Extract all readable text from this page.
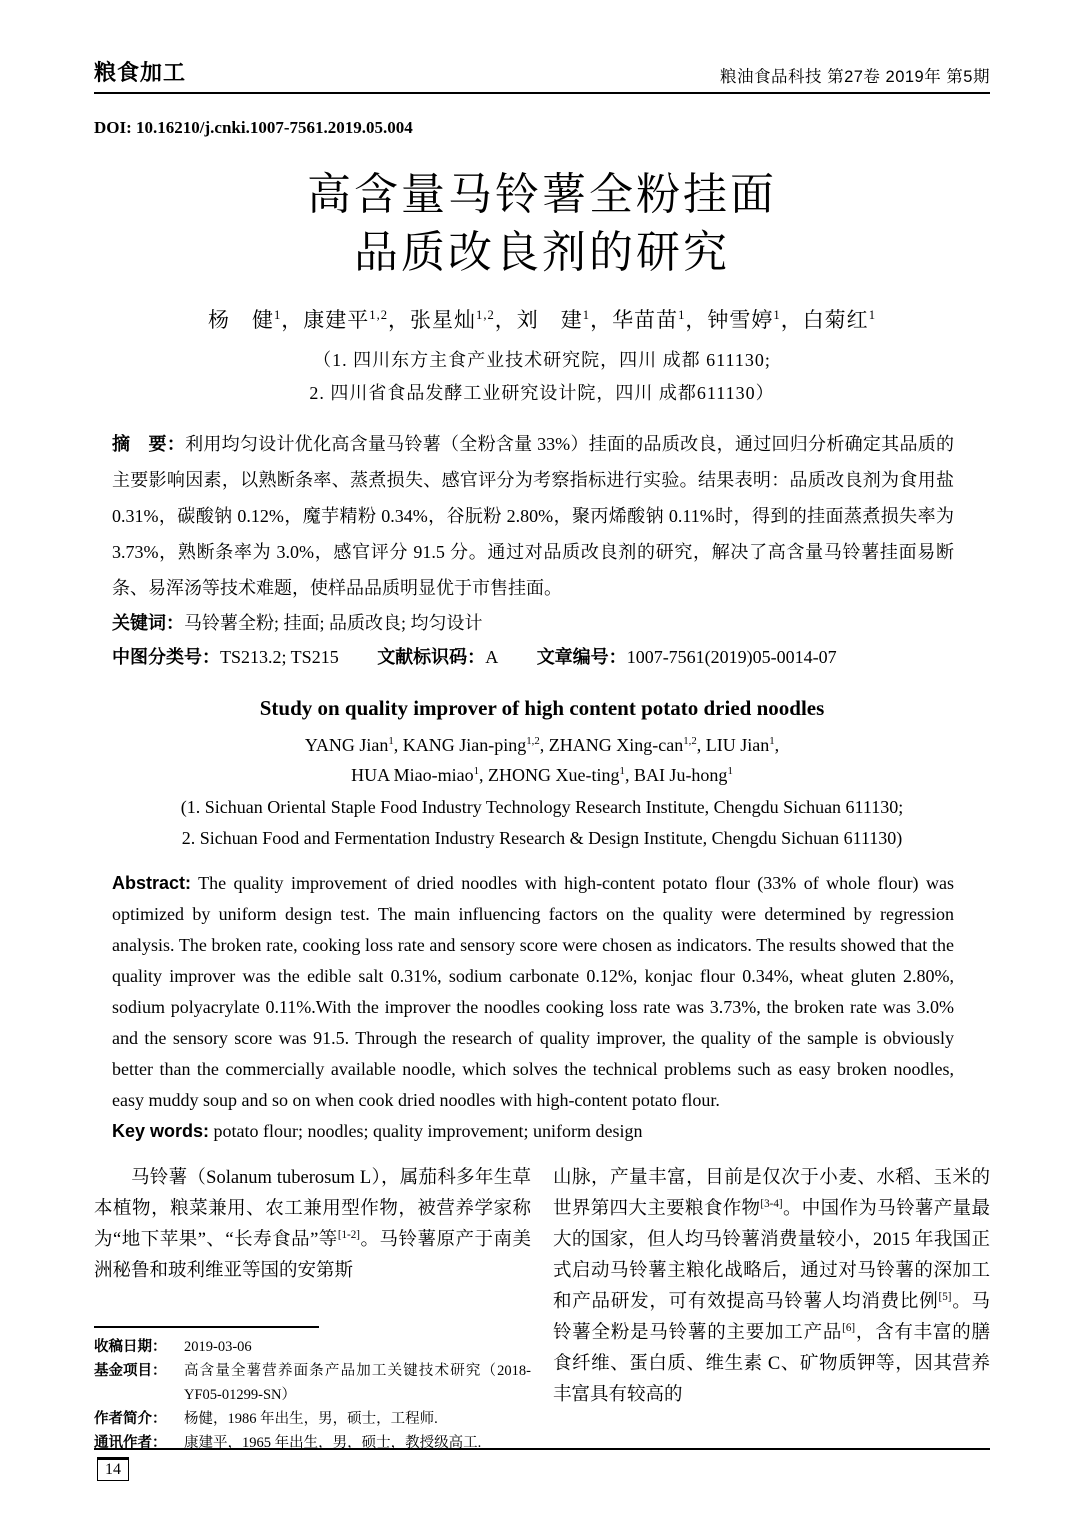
粮食加工	粮油食品科技 第27卷 2019年 第5期
DOI: 10.16210/j.cnki.1007-7561.2019.05.004
高含量马铃薯全粉挂面
品质改良剂的研究
杨　健$^1$，康建平$^{1,2}$，张星灿$^{1,2}$，刘　建$^1$，华苗苗$^1$，钟雪婷$^1$，白菊红$^1$
（1. 四川东方主食产业技术研究院，四川 成都 611130;
2. 四川省食品发酵工业研究设计院，四川 成都611130）
摘　要：利用均匀设计优化高含量马铃薯（全粉含量 33%）挂面的品质改良，通过回归分析确定其品质的主要影响因素，以熟断条率、蒸煮损失、感官评分为考察指标进行实验。结果表明：品质改良剂为食用盐 0.31%，碳酸钠 0.12%，魔芋精粉 0.34%，谷朊粉 2.80%，聚丙烯酸钠 0.11%时，得到的挂面蒸煮损失率为 3.73%，熟断条率为 3.0%，感官评分 91.5 分。通过对品质改良剂的研究，解决了高含量马铃薯挂面易断条、易浑汤等技术难题，使样品品质明显优于市售挂面。
关键词：马铃薯全粉; 挂面; 品质改良; 均匀设计
中图分类号：TS213.2; TS215 文献标识码：A 文章编号：1007-7561(2019)05-0014-07
Study on quality improver of high content potato dried noodles
YANG Jian$^1$, KANG Jian-ping$^{1,2}$, ZHANG Xing-can$^{1,2}$, LIU Jian$^1$,
HUA Miao-miao$^1$, ZHONG Xue-ting$^1$, BAI Ju-hong$^1$
(1. Sichuan Oriental Staple Food Industry Technology Research Institute, Chengdu Sichuan 611130;
2. Sichuan Food and Fermentation Industry Research & Design Institute, Chengdu Sichuan 611130)
Abstract: The quality improvement of dried noodles with high-content potato flour (33% of whole flour) was optimized by uniform design test. The main influencing factors on the quality were determined by regression analysis. The broken rate, cooking loss rate and sensory score were chosen as indicators. The results showed that the quality improver was the edible salt 0.31%, sodium carbonate 0.12%, konjac flour 0.34%, wheat gluten 2.80%, sodium polyacrylate 0.11%.With the improver the noodles cooking loss rate was 3.73%, the broken rate was 3.0% and the sensory score was 91.5. Through the research of quality improver, the quality of the sample is obviously better than the commercially available noodle, which solves the technical problems such as easy broken noodles, easy muddy soup and so on when cook dried noodles with high-content potato flour.
Key words: potato flour; noodles; quality improvement; uniform design

马铃薯（Solanum tuberosum L），属茄科多年生草本植物，粮菜兼用、农工兼用型作物，被营养学家称为“地下苹果”、“长寿食品”等[1-2]。马铃薯原产于南美洲秘鲁和玻利维亚等国的安第斯

收稿日期： 2019-03-06
基金项目： 高含量全薯营养面条产品加工关键技术研究（2018-YF05-01299-SN）
作者简介： 杨健，1986 年出生，男，硕士，工程师.
通讯作者： 康建平，1965 年出生，男，硕士，教授级高工.

山脉，产量丰富，目前是仅次于小麦、水稻、玉米的世界第四大主要粮食作物[3-4]。中国作为马铃薯产量最大的国家，但人均马铃薯消费量较小，2015 年我国正式启动马铃薯主粮化战略后，通过对马铃薯的深加工和产品研发，可有效提高马铃薯人均消费比例[5]。马铃薯全粉是马铃薯的主要加工产品[6]，含有丰富的膳食纤维、蛋白质、维生素 C、矿物质钾等，因其营养丰富具有较高的

14
